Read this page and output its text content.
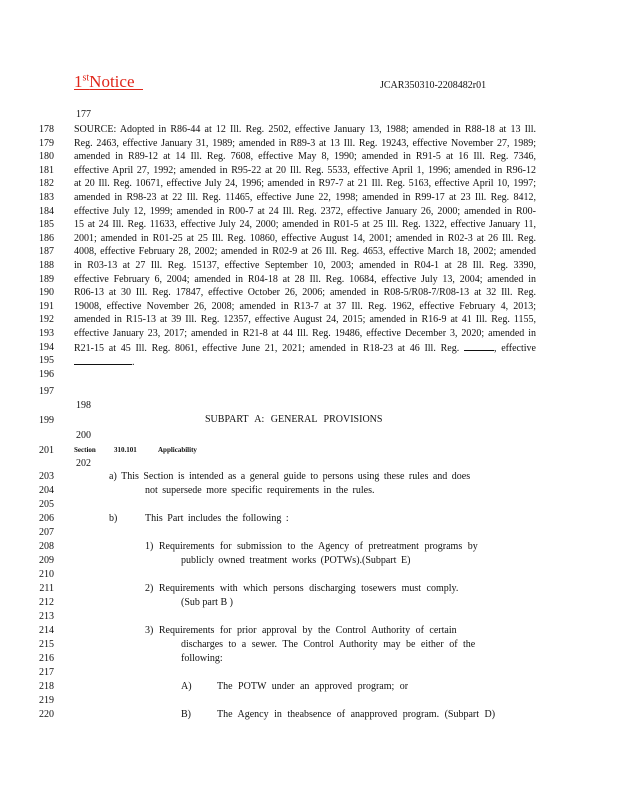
1stNotice	JCAR350310-2208482r01
177
178
179
180
181
182
183
184
185
186
187
188
189
190
191
192
193
194
195
196
197
198
199
200
201
202
203
204
205
206
207
208
209
210
211
212
213
214
215
216
217
218
219
220
SOURCE: Adopted in R86-44 at 12 Ill. Reg. 2502, effective January 13, 1988; amended in R88-18 at 13 Ill. Reg. 2463, effective January 31, 1989; amended in R89-3 at 13 Ill. Reg. 19243, effective November 27, 1989; amended in R89-12 at 14 Ill. Reg. 7608, effective May 8, 1990; amended in R91-5 at 16 Ill. Reg. 7346, effective April 27, 1992; amended in R95-22 at 20 Ill. Reg. 5533, effective April 1, 1996; amended in R96-12 at 20 Ill. Reg. 10671, effective July 24, 1996; amended in R97-7 at 21 Ill. Reg. 5163, effective April 10, 1997; amended in R98-23 at 22 Ill. Reg. 11465, effective June 22, 1998; amended in R99-17 at 23 Ill. Reg. 8412, effective July 12, 1999; amended in R00-7 at 24 Ill. Reg. 2372, effective January 26, 2000; amended in R00-15 at 24 Ill. Reg. 11633, effective July 24, 2000; amended in R01-5 at 25 Ill. Reg. 1322, effective January 11, 2001; amended in R01-25 at 25 Ill. Reg. 10860, effective August 14, 2001; amended in R02-3 at 26 Ill. Reg. 4008, effective February 28, 2002; amended in R02-9 at 26 Ill. Reg. 4653, effective March 18, 2002; amended in R03-13 at 27 Ill. Reg. 15137, effective September 10, 2003; amended in R04-1 at 28 Ill. Reg. 3390, effective February 6, 2004; amended in R04-18 at 28 Ill. Reg. 10684, effective July 13, 2004; amended in R06-13 at 30 Ill. Reg. 17847, effective October 26, 2006; amended in R08-5/R08-7/R08-13 at 32 Ill. Reg. 19008, effective November 26, 2008; amended in R13-7 at 37 Ill. Reg. 1962, effective February 4, 2013; amended in R15-13 at 39 Ill. Reg. 12357, effective August 24, 2015; amended in R16-9 at 41 Ill. Reg. 1155, effective January 23, 2017; amended in R21-8 at 44 Ill. Reg. 19486, effective December 3, 2020; amended in R21-15 at 45 Ill. Reg. 8061, effective June 21, 2021; amended in R18-23 at 46 Ill. Reg.	, effective .
SUBPART A: GENERAL PROVISIONS
Section	310.101	Applicability
a) This Section is intended as a general guide to persons using these rules and does
not supersede more specific requirements in the rules.
b)	This Part includes the following :
1) Requirements for submission to the Agency of pretreatment programs by
publicly owned treatment works (POTWs).(Subpart E)
2) Requirements with which persons discharging tosewers must comply.
(Sub part B )
3) Requirements for prior approval by the Control Authority of certain
discharges to a sewer. The Control Authority may be either of the
following:
A)	The POTW under an approved program; or
B)	The Agency in theabsence of anapproved program. (Subpart D)
